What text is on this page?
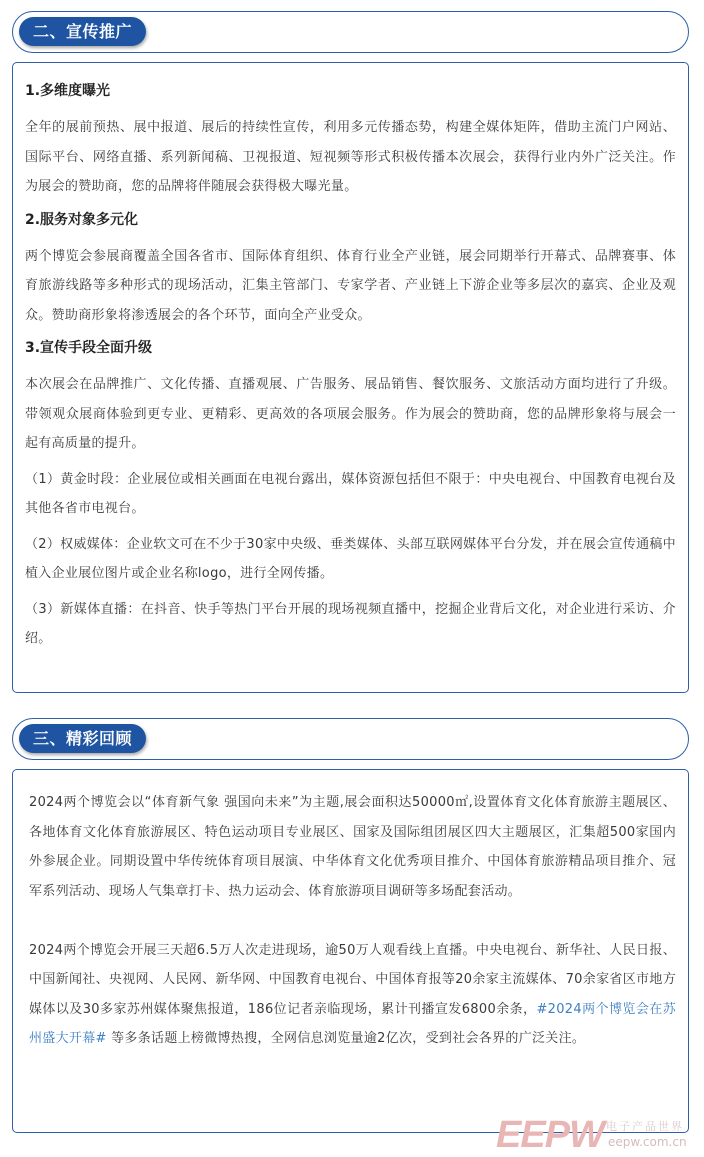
二、宣传推广
1.多维度曝光
全年的展前预热、展中报道、展后的持续性宣传，利用多元传播态势，构建全媒体矩阵，借助主流门户网站、国际平台、网络直播、系列新闻稿、卫视报道、短视频等形式积极传播本次展会，获得行业内外广泛关注。作为展会的赞助商，您的品牌将伴随展会获得极大曝光量。
2.服务对象多元化
两个博览会参展商覆盖全国各省市、国际体育组织、体育行业全产业链，展会同期举行开幕式、品牌赛事、体育旅游线路等多种形式的现场活动，汇集主管部门、专家学者、产业链上下游企业等多层次的嘉宾、企业及观众。赞助商形象将渗透展会的各个环节，面向全产业受众。
3.宣传手段全面升级
本次展会在品牌推广、文化传播、直播观展、广告服务、展品销售、餐饮服务、文旅活动方面均进行了升级。带领观众展商体验到更专业、更精彩、更高效的各项展会服务。作为展会的赞助商，您的品牌形象将与展会一起有高质量的提升。
（1）黄金时段：企业展位或相关画面在电视台露出，媒体资源包括但不限于：中央电视台、中国教育电视台及其他各省市电视台。
（2）权威媒体：企业软文可在不少于30家中央级、垂类媒体、头部互联网媒体平台分发，并在展会宣传通稿中植入企业展位图片或企业名称logo，进行全网传播。
（3）新媒体直播：在抖音、快手等热门平台开展的现场视频直播中，挖掘企业背后文化，对企业进行采访、介绍。
三、精彩回顾
2024两个博览会以“体育新气象 强国向未来”为主题,展会面积达50000㎡,设置体育文化体育旅游主题展区、各地体育文化体育旅游展区、特色运动项目专业展区、国家及国际组团展区四大主题展区，汇集超500家国内外参展企业。同期设置中华传统体育项目展演、中华体育文化优秀项目推介、中国体育旅游精品项目推介、冠军系列活动、现场人气集章打卡、热力运动会、体育旅游项目调研等多场配套活动。
2024两个博览会开展三天超6.5万人次走进现场，逾50万人观看线上直播。中央电视台、新华社、人民日报、中国新闻社、央视网、人民网、新华网、中国教育电视台、中国体育报等20余家主流媒体、70余家省区市地方媒体以及30多家苏州媒体聚焦报道，186位记者亲临现场，累计刊播宣发6800余条，#2024两个博览会在苏州盛大开幕# 等多条话题上榜微博热搜，全网信息浏览量逾2亿次，受到社会各界的广泛关注。
EEPW 电子产品世界
eepw.com.cn
